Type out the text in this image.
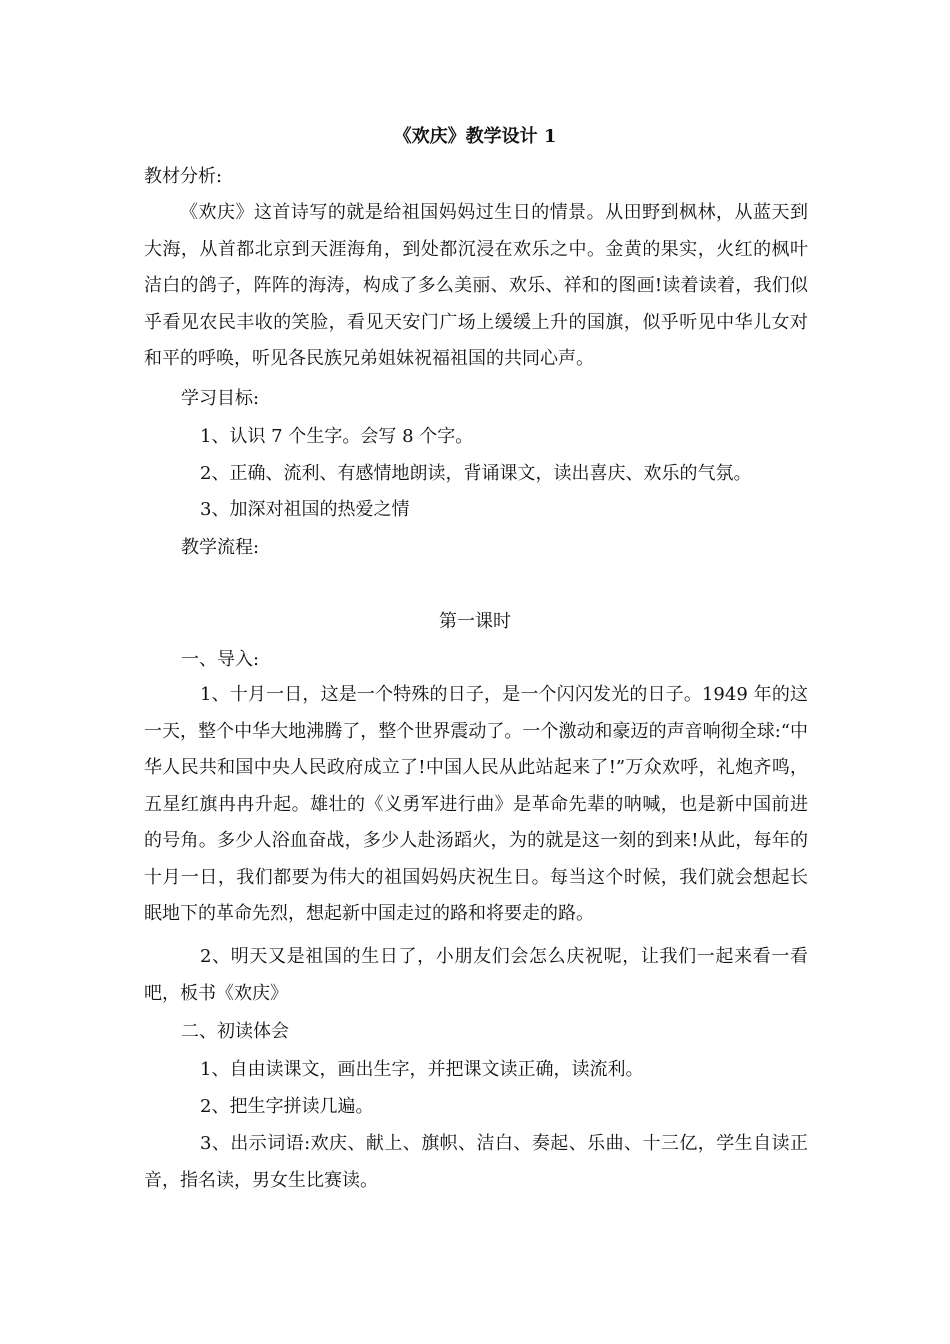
《欢庆》教学设计 1
教材分析:

《欢庆》这首诗写的就是给祖国妈妈过生日的情景。从田野到枫林，从蓝天到大海，从首都北京到天涯海角，到处都沉浸在欢乐之中。金黄的果实，火红的枫叶洁白的鸽子，阵阵的海涛，构成了多么美丽、欢乐、祥和的图画!读着读着，我们似乎看见农民丰收的笑脸，看见天安门广场上缓缓上升的国旗，似乎听见中华儿女对和平的呼唤，听见各民族兄弟姐妹祝福祖国的共同心声。

学习目标:
1、认识 7 个生字。会写 8 个字。
2、正确、流利、有感情地朗读，背诵课文，读出喜庆、欢乐的气氛。
3、加深对祖国的热爱之情
教学流程:
第一课时
一、导入:

1、十月一日，这是一个特殊的日子，是一个闪闪发光的日子。1949 年的这一天，整个中华大地沸腾了，整个世界震动了。一个激动和豪迈的声音响彻全球:“中华人民共和国中央人民政府成立了!中国人民从此站起来了!”万众欢呼，礼炮齐鸣，五星红旗冉冉升起。雄壮的《义勇军进行曲》是革命先辈的呐喊，也是新中国前进的号角。多少人浴血奋战，多少人赴汤蹈火，为的就是这一刻的到来!从此，每年的十月一日，我们都要为伟大的祖国妈妈庆祝生日。每当这个时候，我们就会想起长眠地下的革命先烈，想起新中国走过的路和将要走的路。

2、明天又是祖国的生日了，小朋友们会怎么庆祝呢，让我们一起来看一看吧，板书《欢庆》

二、初读体会
1、自由读课文，画出生字，并把课文读正确，读流利。
2、把生字拼读几遍。

3、出示词语:欢庆、献上、旗帜、洁白、奏起、乐曲、十三亿，学生自读正音，指名读，男女生比赛读。
